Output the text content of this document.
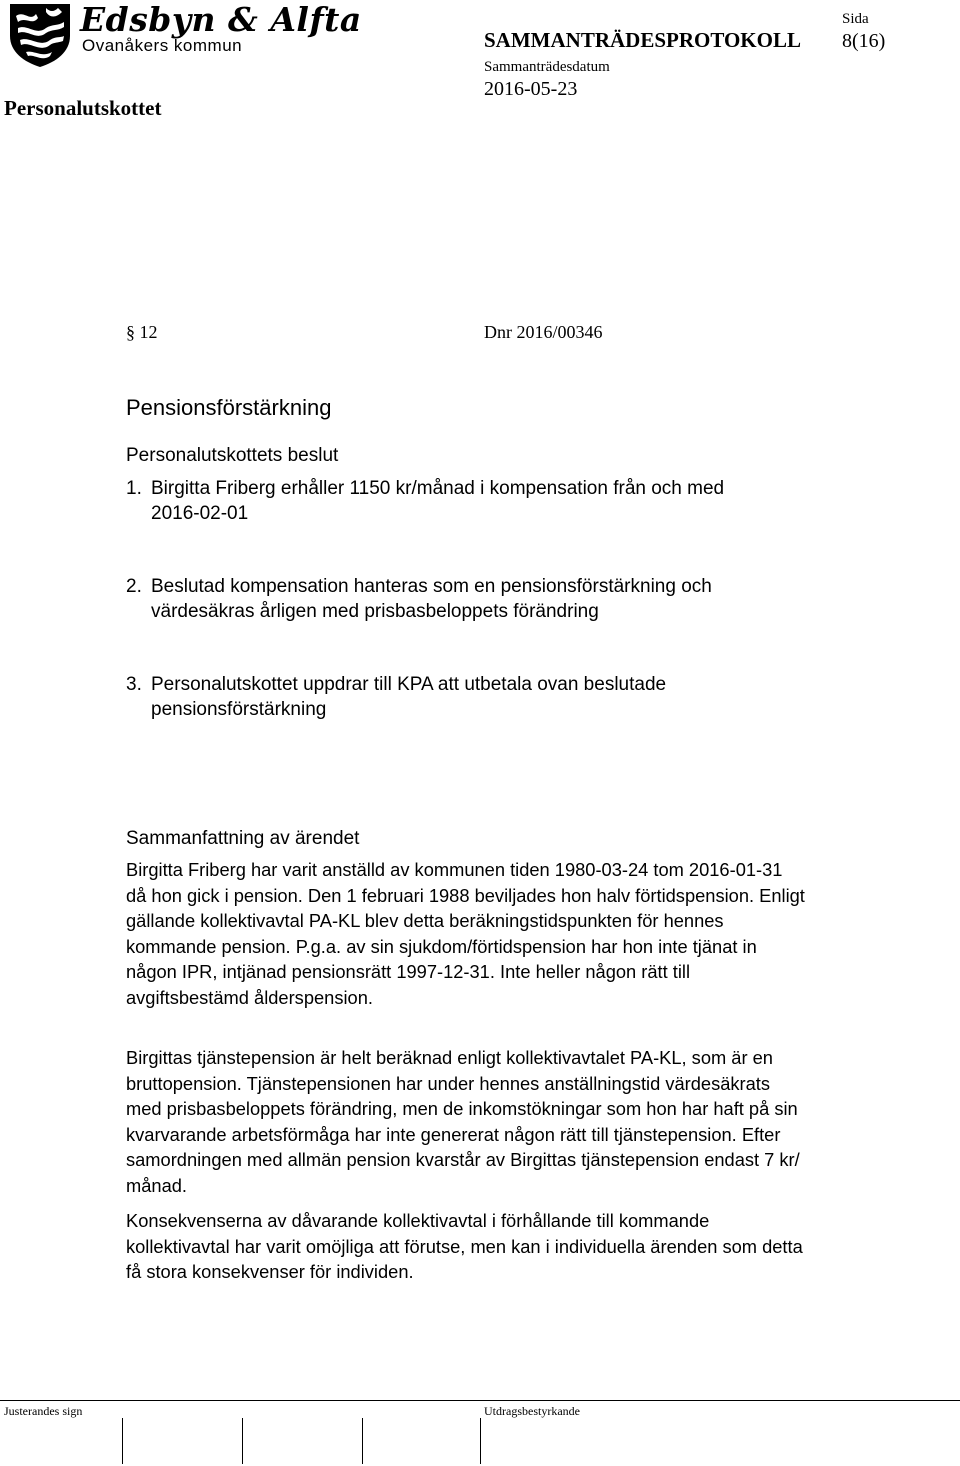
Edsbyn & Alfta
Ovanåkers kommun
Personalutskottet
SAMMANTRÄDESPROTOKOLL
Sida
8(16)
Sammanträdesdatum
2016-05-23
§ 12	Dnr 2016/00346
Pensionsförstärkning
Personalutskottets beslut
1. Birgitta Friberg erhåller 1150 kr/månad i kompensation från och med 2016-02-01
2. Beslutad kompensation hanteras som en pensionsförstärkning och värdesäkras årligen med prisbasbeloppets förändring
3. Personalutskottet uppdrar till KPA att utbetala ovan beslutade pensionsförstärkning
Sammanfattning av ärendet
Birgitta Friberg har varit anställd av kommunen tiden 1980-03-24 tom 2016-01-31 då hon gick i pension. Den 1 februari 1988 beviljades hon halv förtidspension. Enligt gällande kollektivavtal PA-KL blev detta beräkningstidspunkten för hennes kommande pension. P.g.a. av sin sjukdom/förtidspension har hon inte tjänat in någon IPR, intjänad pensionsrätt 1997-12-31. Inte heller någon rätt till avgiftsbestämd ålderspension.
Birgittas tjänstepension är helt beräknad enligt kollektivavtalet PA-KL, som är en bruttopension. Tjänstepensionen har under hennes anställningstid värdesäkrats med prisbasbeloppets förändring, men de inkomstökningar som hon har haft på sin kvarvarande arbetsförmåga har inte genererat någon rätt till tjänstepension. Efter samordningen med allmän pension kvarstår av Birgittas tjänstepension endast 7 kr/ månad.
Konsekvenserna av dåvarande kollektivavtal i förhållande till kommande kollektivavtal har varit omöjliga att förutse, men kan i individuella ärenden som detta få stora konsekvenser för individen.
Justerandes sign	Utdragsbestyrkande
